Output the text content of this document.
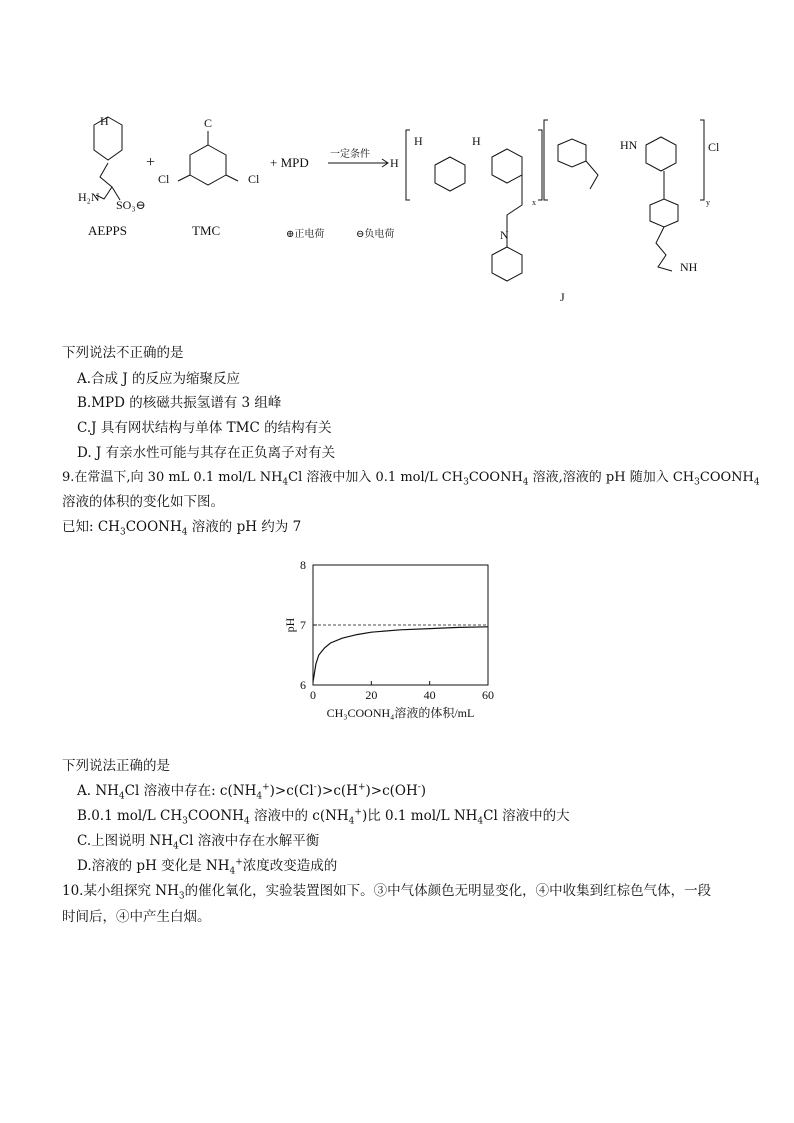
H
H₂N
SO₃⊖
+
C
Cl	Cl
+ MPD
一定条件
H
H	H
N
x
HN	Cl
y
NH
J
AEPPS	TMC	⊕正电荷	⊖负电荷
下列说法不正确的是
A.合成 J 的反应为缩聚反应
B.MPD 的核磁共振氢谱有 3 组峰
C.J 具有网状结构与单体 TMC 的结构有关
D. J 有亲水性可能与其存在正负离子对有关
9.在常温下,向 30 mL 0.1 mol/L $NH_4Cl$ 溶液中加入 0.1 mol/L $CH_3COONH_4$ 溶液,溶液的 pH 随加入 $CH_3COONH_4$
溶液的体积的变化如下图。
已知: $CH_3COONH_4$ 溶液的 pH 约为 7
0	20	40	60
6
7
8
CH₃COONH₄溶液的体积/mL
pH
下列说法正确的是
A. $NH_4Cl$ 溶液中存在: $c(NH_4^+)>c(Cl^-)>c(H^+)>c(OH^-)$
B.0.1 mol/L $CH_3COONH_4$ 溶液中的 $c(NH_4^+)$比 0.1 mol/L $NH_4Cl$ 溶液中的大
C.上图说明 $NH_4Cl$ 溶液中存在水解平衡
D.溶液的 pH 变化是 $NH_4^+$浓度改变造成的
10.某小组探究 $NH_3$的催化氧化，实验装置图如下。③中气体颜色无明显变化，④中收集到红棕色气体，一段
时间后，④中产生白烟。
